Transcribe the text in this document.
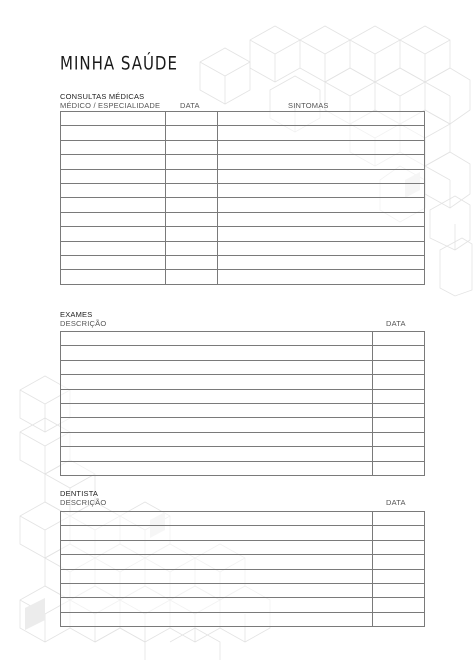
MINHA SAÚDE
CONSULTAS MÉDICAS
MÉDICO / ESPECIALIDADE	DATA	SINTOMAS

EXAMES
DESCRIÇÃO	DATA

DENTISTA
DESCRIÇÃO	DATA
